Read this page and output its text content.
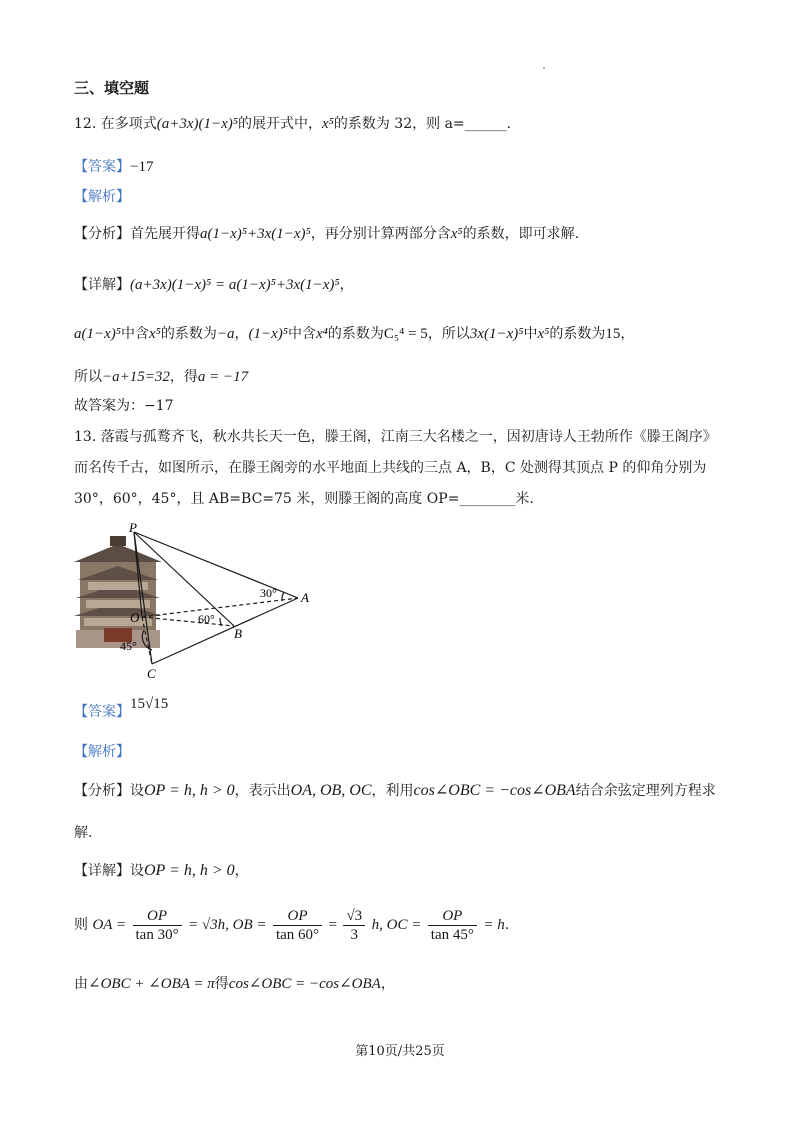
三、填空题
12. 在多项式(a+3x)(1−x)⁵的展开式中，x⁵的系数为 32，则 a=______.
【答案】−17
【解析】
【分析】首先展开得a(1−x)⁵+3x(1−x)⁵，再分别计算两部分含x⁵的系数，即可求解.
【详解】(a+3x)(1−x)⁵ = a(1−x)⁵+3x(1−x)⁵，
a(1−x)⁵中含x⁵的系数为−a，(1−x)⁵中含x⁴的系数为C₅⁴ = 5，所以3x(1−x)⁵中x⁵的系数为15，
所以−a+15=32，得a = −17
故答案为：−17
13. 落霞与孤鹜齐飞，秋水共长天一色，滕王阁，江南三大名楼之一，因初唐诗人王勃所作《滕王阁序》
而名传千古，如图所示，在滕王阁旁的水平地面上共线的三点 A，B，C 处测得其顶点 P 的仰角分别为
30°，60°，45°，且 AB=BC=75 米，则滕王阁的高度 OP=________米.
P
O
A
B
C
30°
60°
45°
【答案】15√15
【解析】
【分析】设OP = h, h > 0，表示出OA, OB, OC，利用cos∠OBC = −cos∠OBA结合余弦定理列方程求
解.
【详解】设OP = h, h > 0，
则 OA = $\frac{OP}{\tan 30^\circ} = √3h$, OB = $\frac{OP}{\tan 60^\circ} = \frac{√3}{3} h$, OC = $\frac{OP}{\tan 45^\circ} = h$.
由∠OBC + ∠OBA = π得cos∠OBC = −cos∠OBA，
第10页/共25页
